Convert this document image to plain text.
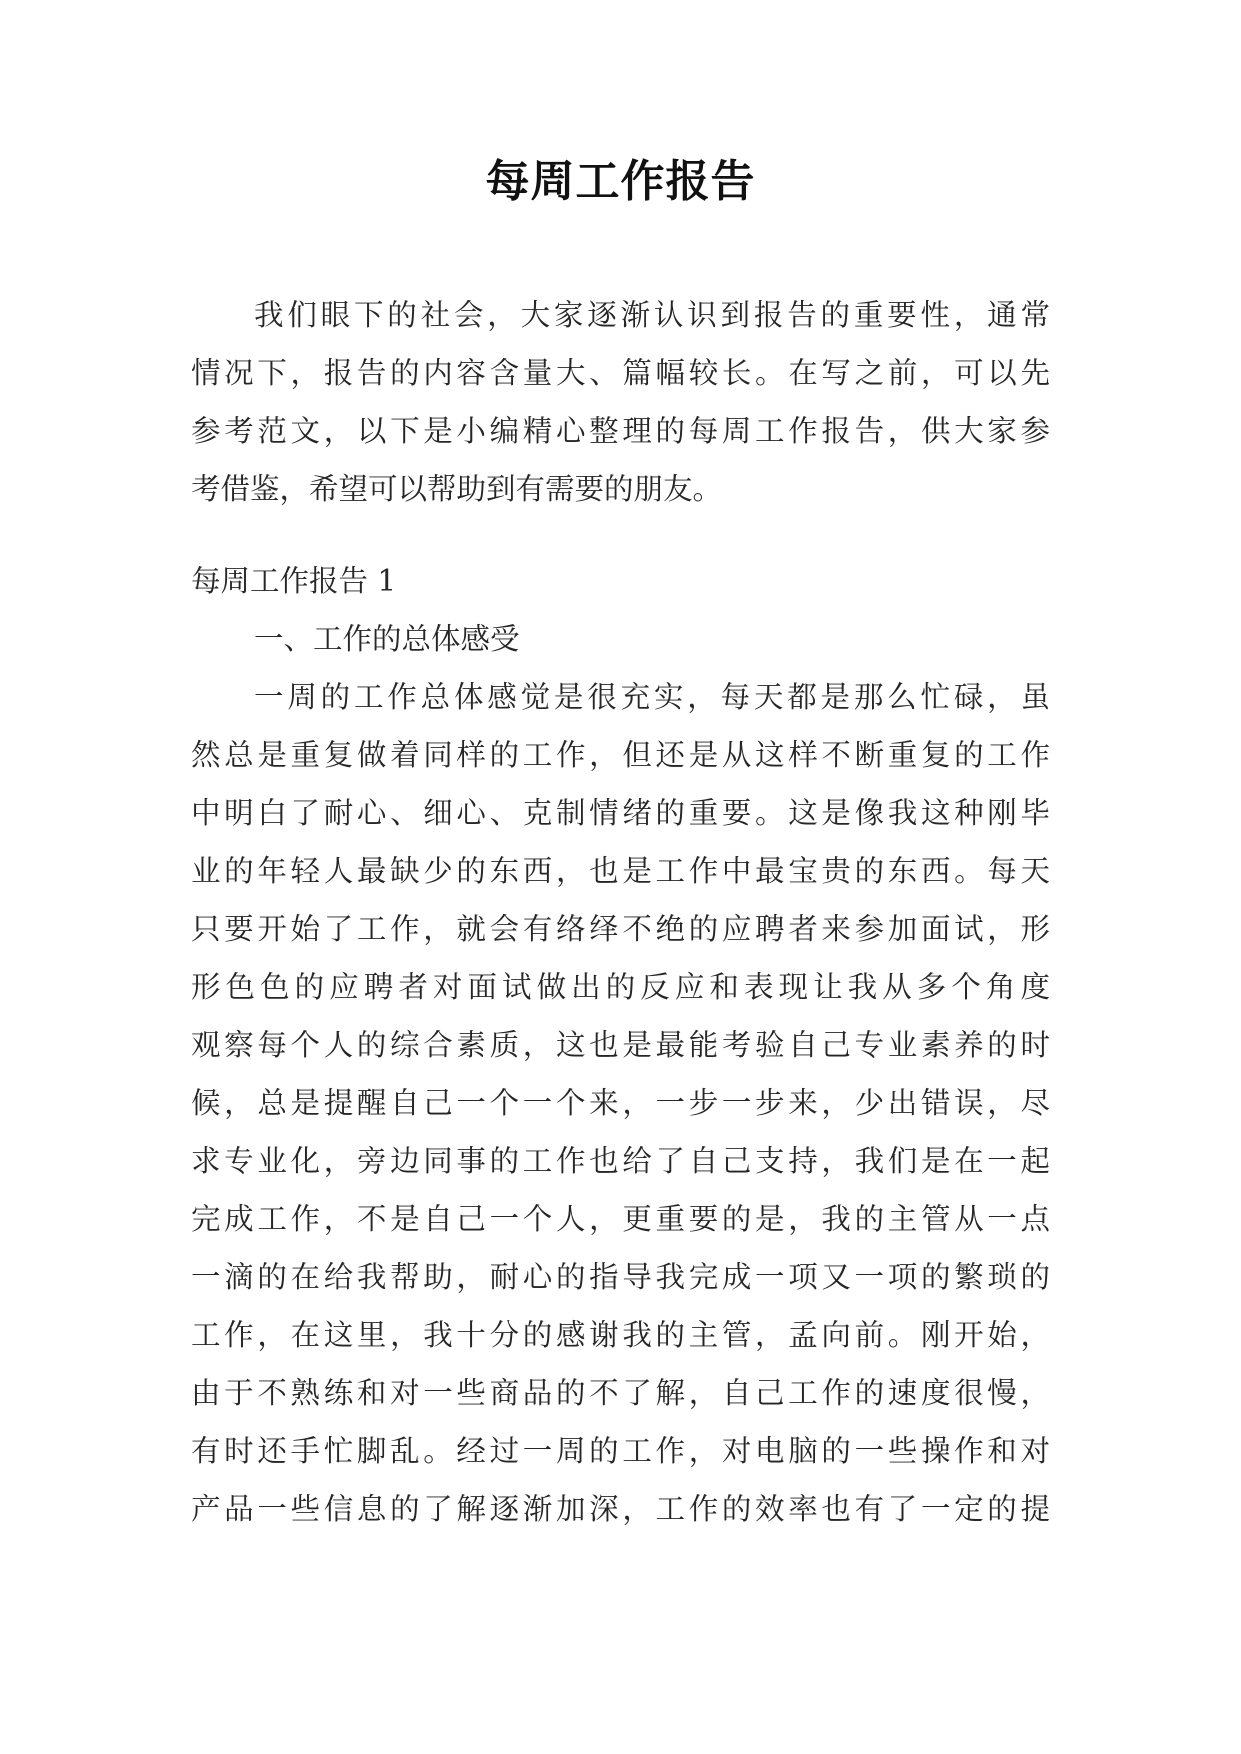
每周工作报告
我们眼下的社会，大家逐渐认识到报告的重要性，通常
情况下，报告的内容含量大、篇幅较长。在写之前，可以先
参考范文，以下是小编精心整理的每周工作报告，供大家参
考借鉴，希望可以帮助到有需要的朋友。
每周工作报告 1
一、工作的总体感受
一周的工作总体感觉是很充实，每天都是那么忙碌，虽
然总是重复做着同样的工作，但还是从这样不断重复的工作
中明白了耐心、细心、克制情绪的重要。这是像我这种刚毕
业的年轻人最缺少的东西，也是工作中最宝贵的东西。每天
只要开始了工作，就会有络绎不绝的应聘者来参加面试，形
形色色的应聘者对面试做出的反应和表现让我从多个角度
观察每个人的综合素质，这也是最能考验自己专业素养的时
候，总是提醒自己一个一个来，一步一步来，少出错误，尽
求专业化，旁边同事的工作也给了自己支持，我们是在一起
完成工作，不是自己一个人，更重要的是，我的主管从一点
一滴的在给我帮助，耐心的指导我完成一项又一项的繁琐的
工作，在这里，我十分的感谢我的主管，孟向前。刚开始，
由于不熟练和对一些商品的不了解，自己工作的速度很慢，
有时还手忙脚乱。经过一周的工作，对电脑的一些操作和对
产品一些信息的了解逐渐加深，工作的效率也有了一定的提
